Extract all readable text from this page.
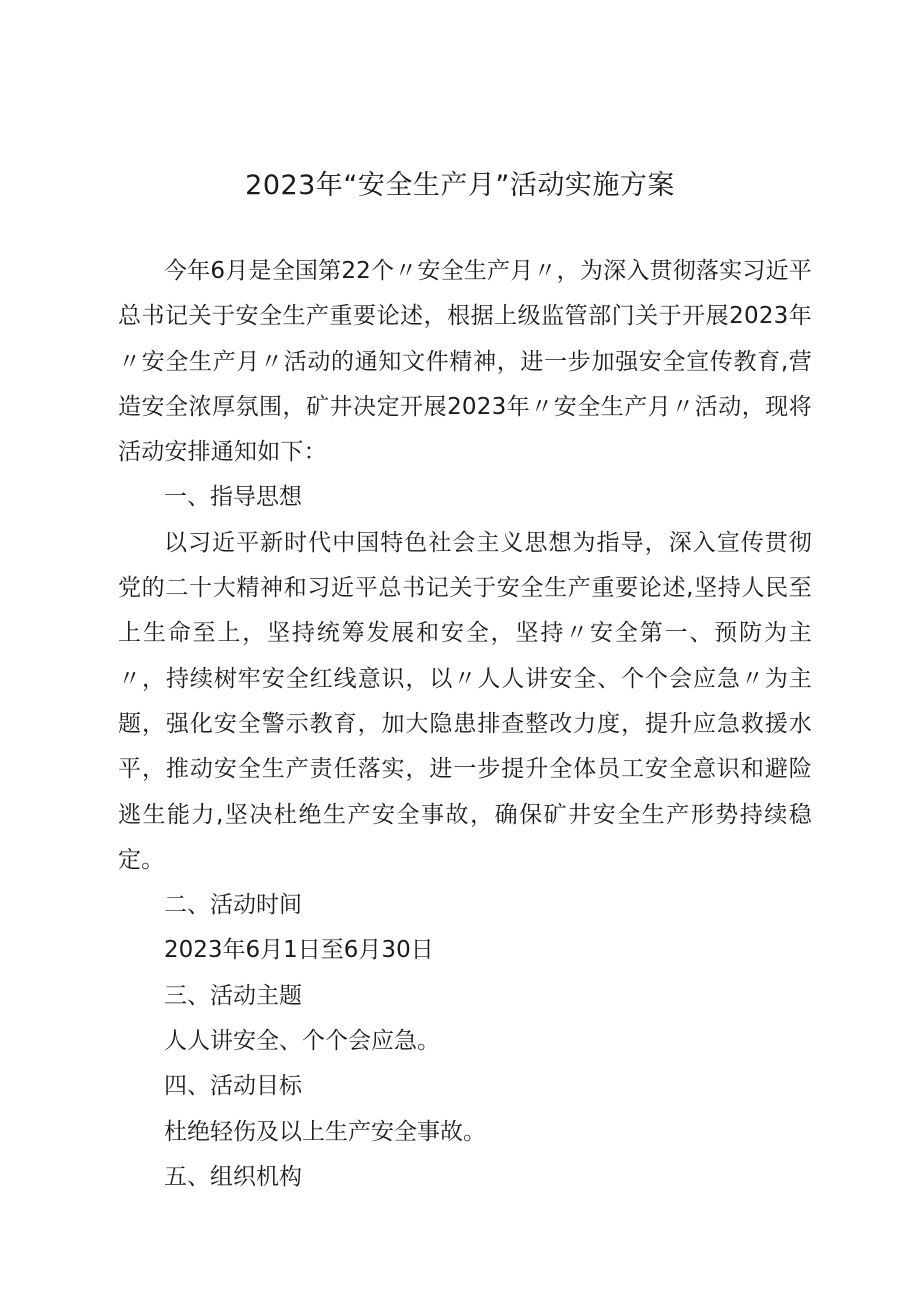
2023年“安全生产月”活动实施方案

今年6月是全国第22个〃安全生产月〃，为深入贯彻落实习近平总书记关于安全生产重要论述，根据上级监管部门关于开展2023年〃安全生产月〃活动的通知文件精神，进一步加强安全宣传教育,营造安全浓厚氛围，矿井决定开展2023年〃安全生产月〃活动，现将活动安排通知如下：

一、指导思想

以习近平新时代中国特色社会主义思想为指导，深入宣传贯彻党的二十大精神和习近平总书记关于安全生产重要论述,坚持人民至上生命至上，坚持统筹发展和安全，坚持〃安全第一、预防为主〃，持续树牢安全红线意识，以〃人人讲安全、个个会应急〃为主题，强化安全警示教育，加大隐患排查整改力度，提升应急救援水平，推动安全生产责任落实，进一步提升全体员工安全意识和避险逃生能力,坚决杜绝生产安全事故，确保矿井安全生产形势持续稳定。

二、活动时间

2023年6月1日至6月30日

三、活动主题

人人讲安全、个个会应急。

四、活动目标

杜绝轻伤及以上生产安全事故。

五、组织机构
